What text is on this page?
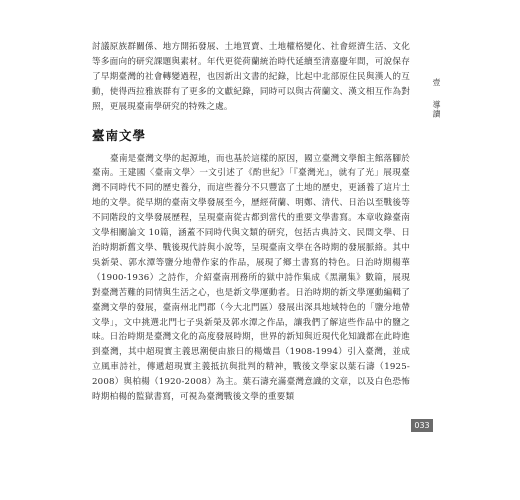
討議原族群關係、地方開拓發展、土地買賣、土地權格變化、社會經濟生活、文化等多面向的研究課題與素材。年代更從荷蘭統治時代延續至清嘉慶年間，可說保存了早期臺灣的社會轉變過程，也因新出文書的紀錄，比起中北部原住民與漢人的互動，使得西拉雅族群有了更多的文獻紀錄，同時可以與古荷蘭文、漢文相互作為對照，更展現臺南學研究的特殊之處。

臺南文學

臺南是臺灣文學的起源地，而也基於這樣的原因，國立臺灣文學館主館落腳於臺南。王建國〈臺南文學〉一文引述了《酌世紀》「『臺灣光』，就有了光」展現臺灣不同時代不同的歷史養分，而這些養分不只豐富了土地的歷史，更涵養了這片土地的文學。從早期的臺南文學發展至今，歷經荷蘭、明鄭、清代、日治以至戰後等不同階段的文學發展歷程，呈現臺南從古都到當代的重要文學書寫。本章收錄臺南文學相關論文 10篇，涵蓋不同時代與文類的研究，包括古典詩文、民間文學、日治時期新舊文學、戰後現代詩與小說等，呈現臺南文學在各時期的發展脈絡。其中吳新榮、郭水潭等鹽分地帶作家的作品，展現了鄉土書寫的特色。日治時期楊華（1900-1936）之詩作，介紹臺南刑務所的獄中詩作集成《黑潮集》數篇，展現對臺灣苦難的同情與生活之心，也是新文學運動者。日治時期的新文學運動編輯了臺灣文學的發展，臺南州北門郡（今大北門區）發展出深具地域特色的「鹽分地帶文學」，文中挑選北門七子吳新榮及郭水潭之作品，讓我們了解這些作品中的鹽之味。日治時期是臺灣文化的高度發展時期，世界的新知與近現代化知識都在此時進到臺灣，其中超現實主義思潮便由旅日的楊熾昌（1908-1994）引入臺灣，並成立風車詩社，傳遞超現實主義抵抗與批判的精神，戰後文學家以葉石濤（1925-2008）與柏楊（1920-2008）為主。葉石濤充滿臺灣意識的文章，以及白色恐怖時期柏楊的監獄書寫，可視為臺灣戰後文學的重要類

壹 導讀
033
